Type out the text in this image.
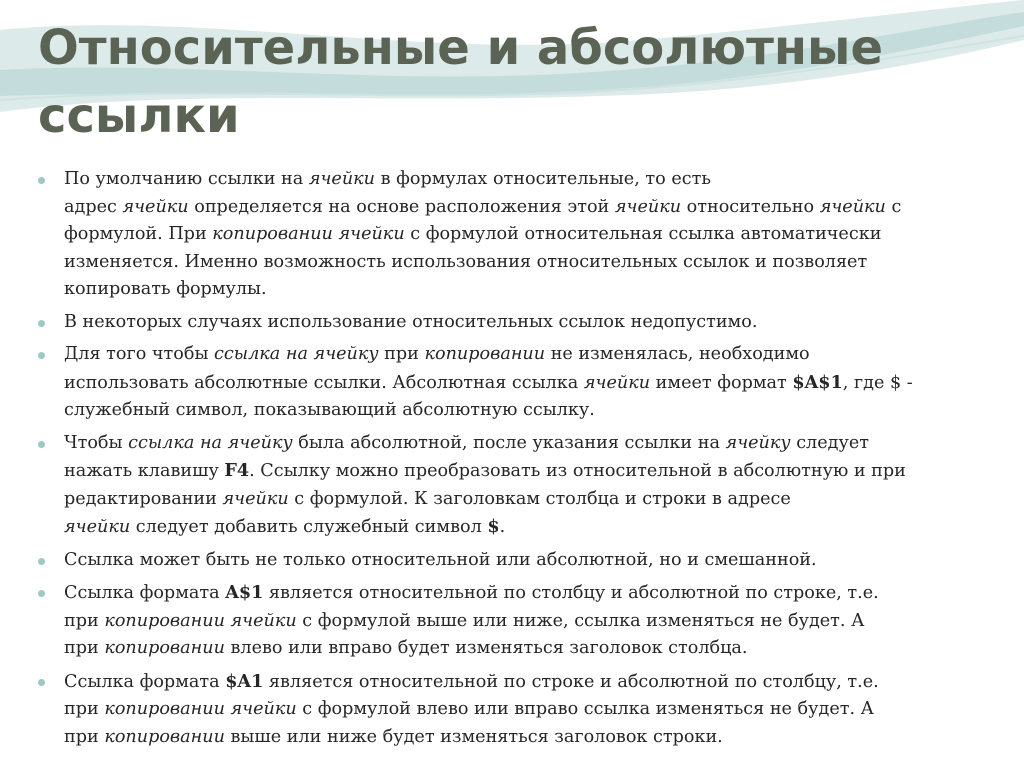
Относительные и абсолютные ссылки
По умолчанию ссылки на ячейки в формулах относительные, то есть
адрес ячейки определяется на основе расположения этой ячейки относительно ячейки с
формулой. При копировании ячейки с формулой относительная ссылка автоматически
изменяется. Именно возможность использования относительных ссылок и позволяет
копировать формулы.
В некоторых случаях использование относительных ссылок недопустимо.
Для того чтобы ссылка на ячейку при копировании не изменялась, необходимо
использовать абсолютные ссылки. Абсолютная ссылка ячейки имеет формат $A$1, где $ -
служебный символ, показывающий абсолютную ссылку.
Чтобы ссылка на ячейку была абсолютной, после указания ссылки на ячейку следует
нажать клавишу F4. Ссылку можно преобразовать из относительной в абсолютную и при
редактировании ячейки с формулой. К заголовкам столбца и строки в адресе
ячейки следует добавить служебный символ $.
Ссылка может быть не только относительной или абсолютной, но и смешанной.
Ссылка формата A$1 является относительной по столбцу и абсолютной по строке, т.е.
при копировании ячейки с формулой выше или ниже, ссылка изменяться не будет. А
при копировании влево или вправо будет изменяться заголовок столбца.
Ссылка формата $A1 является относительной по строке и абсолютной по столбцу, т.е.
при копировании ячейки с формулой влево или вправо ссылка изменяться не будет. А
при копировании выше или ниже будет изменяться заголовок строки.
